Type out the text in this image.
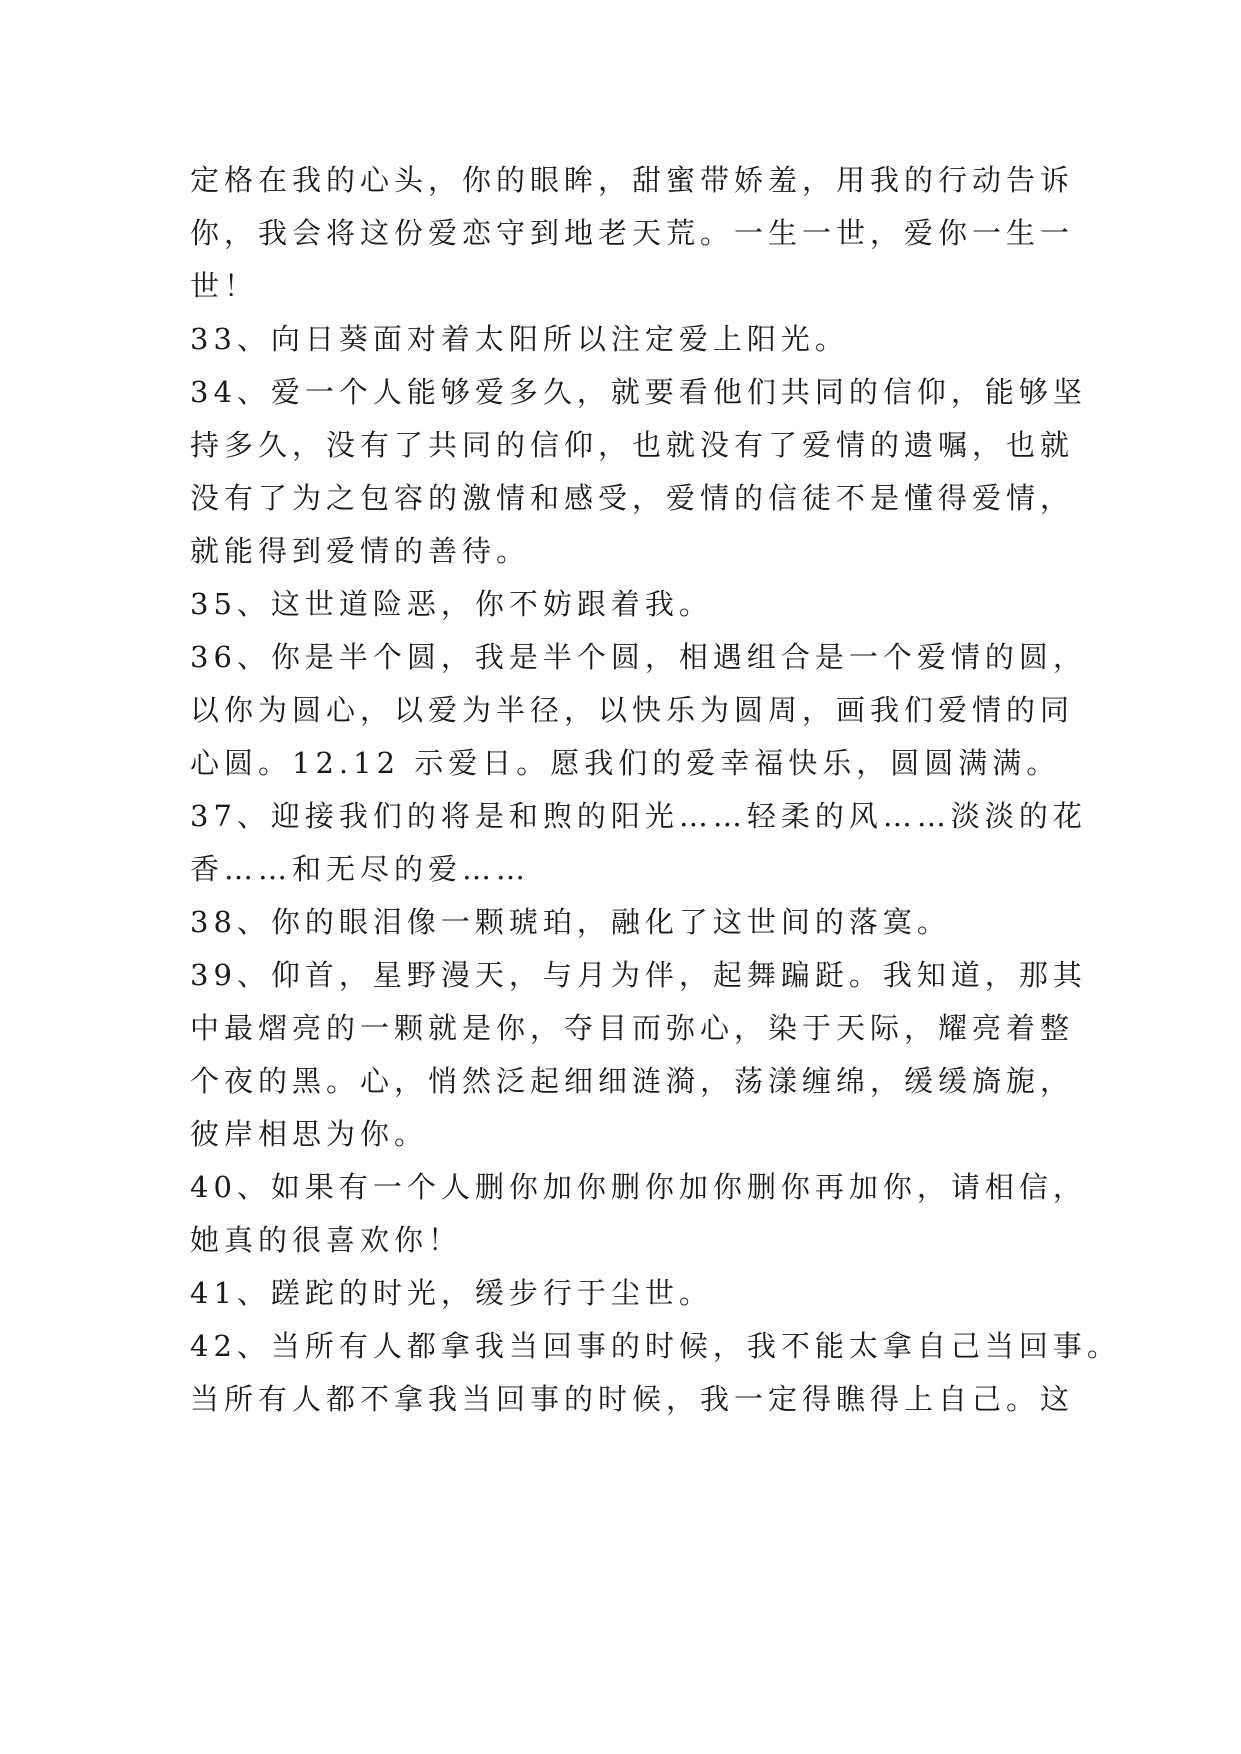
定格在我的心头，你的眼眸，甜蜜带娇羞，用我的行动告诉
你，我会将这份爱恋守到地老天荒。一生一世，爱你一生一
世！
33、向日葵面对着太阳所以注定爱上阳光。
34、爱一个人能够爱多久，就要看他们共同的信仰，能够坚
持多久，没有了共同的信仰，也就没有了爱情的遗嘱，也就
没有了为之包容的激情和感受，爱情的信徒不是懂得爱情，
就能得到爱情的善待。
35、这世道险恶，你不妨跟着我。
36、你是半个圆，我是半个圆，相遇组合是一个爱情的圆，
以你为圆心，以爱为半径，以快乐为圆周，画我们爱情的同
心圆。12.12 示爱日。愿我们的爱幸福快乐，圆圆满满。
37、迎接我们的将是和煦的阳光……轻柔的风……淡淡的花
香……和无尽的爱……
38、你的眼泪像一颗琥珀，融化了这世间的落寞。
39、仰首，星野漫天，与月为伴，起舞蹁跹。我知道，那其
中最熠亮的一颗就是你，夺目而弥心，染于天际，耀亮着整
个夜的黑。心，悄然泛起细细涟漪，荡漾缠绵，缓缓旖旎，
彼岸相思为你。
40、如果有一个人删你加你删你加你删你再加你，请相信，
她真的很喜欢你！
41、蹉跎的时光，缓步行于尘世。
42、当所有人都拿我当回事的时候，我不能太拿自己当回事。
当所有人都不拿我当回事的时候，我一定得瞧得上自己。这
